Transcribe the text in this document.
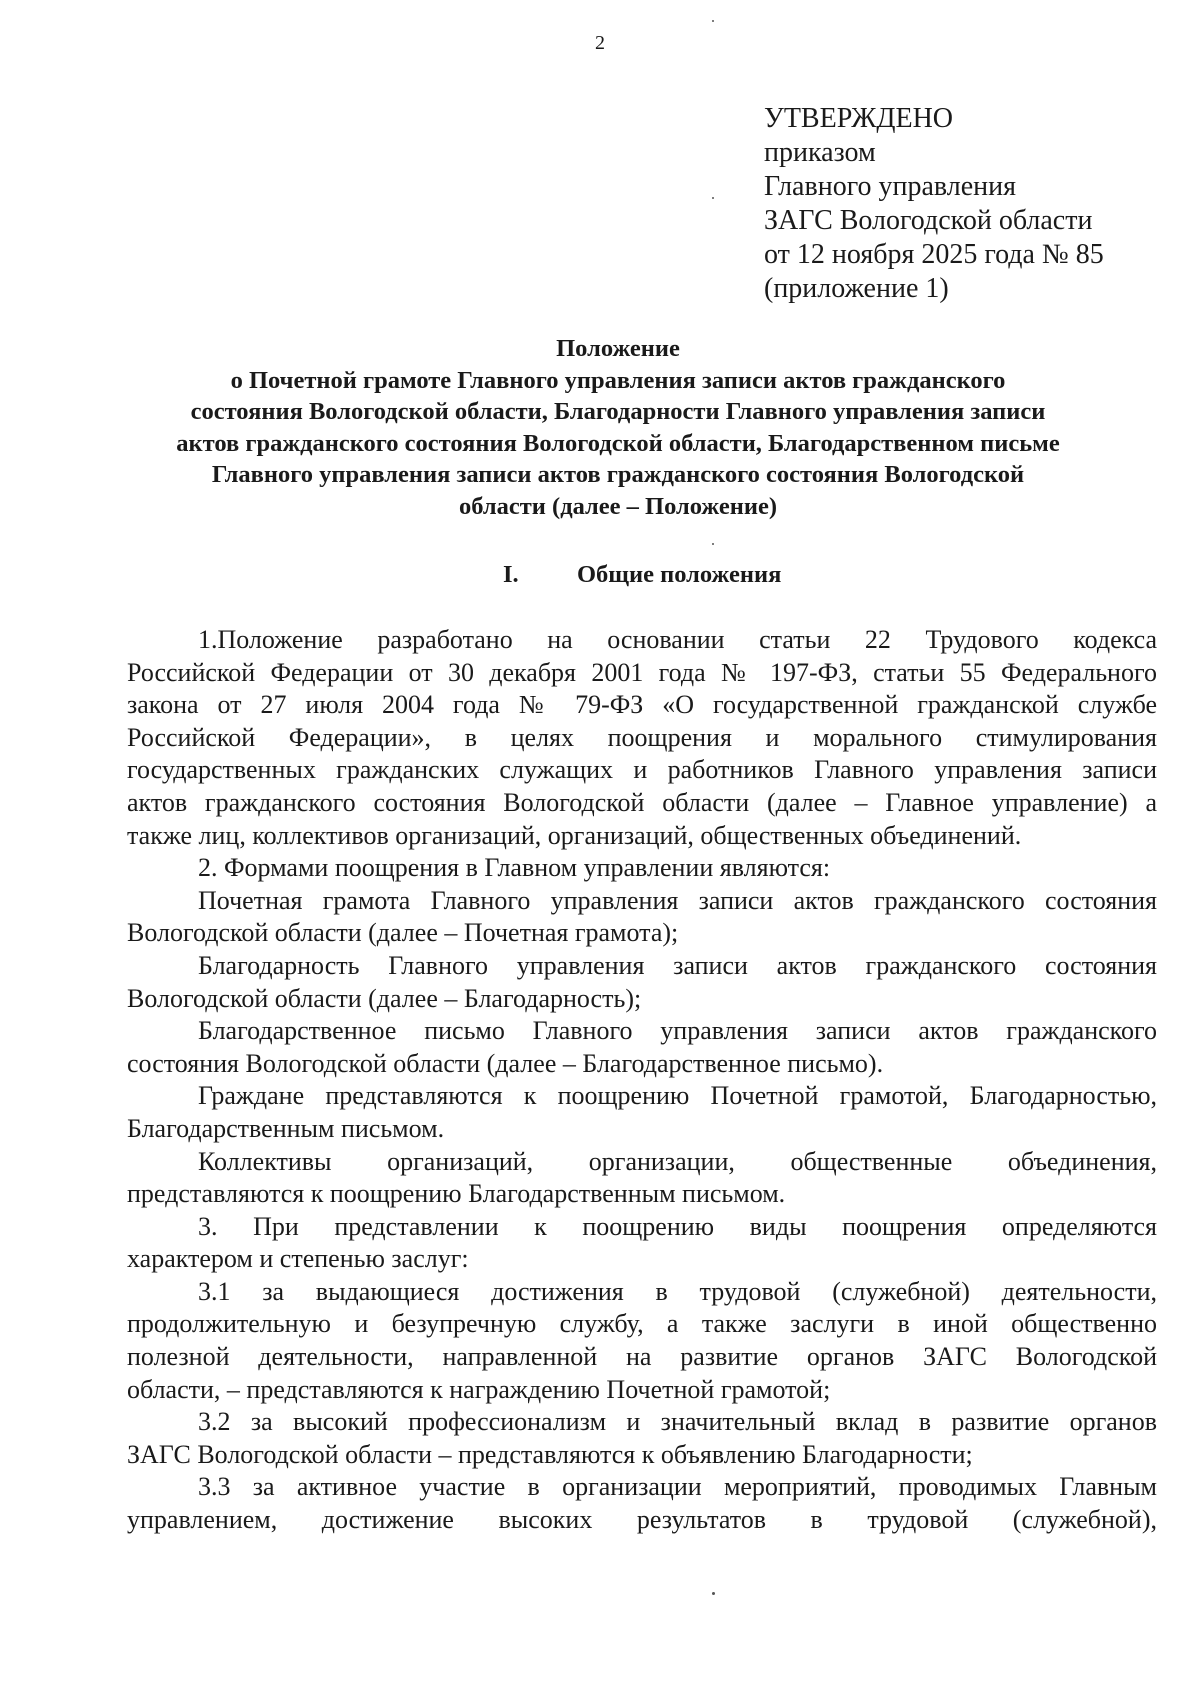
2
УТВЕРЖДЕНО
приказом
Главного управления
ЗАГС Вологодской области
от 12 ноября 2025 года № 85
(приложение 1)
Положение
о Почетной грамоте Главного управления записи актов гражданского
состояния Вологодской области, Благодарности Главного управления записи
актов гражданского состояния Вологодской области, Благодарственном письме
Главного управления записи актов гражданского состояния Вологодской
области (далее – Положение)
I. Общие положения
1.Положение разработано на основании статьи 22 Трудового кодекса
Российской Федерации от 30 декабря 2001 года № 197-ФЗ, статьи 55 Федерального
закона от 27 июля 2004 года № 79-ФЗ «О государственной гражданской службе
Российской Федерации», в целях поощрения и морального стимулирования
государственных гражданских служащих и работников Главного управления записи
актов гражданского состояния Вологодской области (далее – Главное управление) а
также лиц, коллективов организаций, организаций, общественных объединений.
2. Формами поощрения в Главном управлении являются:
Почетная грамота Главного управления записи актов гражданского состояния
Вологодской области (далее – Почетная грамота);
Благодарность Главного управления записи актов гражданского состояния
Вологодской области (далее – Благодарность);
Благодарственное письмо Главного управления записи актов гражданского
состояния Вологодской области (далее – Благодарственное письмо).
Граждане представляются к поощрению Почетной грамотой, Благодарностью,
Благодарственным письмом.
Коллективы организаций, организации, общественные объединения,
представляются к поощрению Благодарственным письмом.
3. При представлении к поощрению виды поощрения определяются
характером и степенью заслуг:
3.1 за выдающиеся достижения в трудовой (служебной) деятельности,
продолжительную и безупречную службу, а также заслуги в иной общественно
полезной деятельности, направленной на развитие органов ЗАГС Вологодской
области, – представляются к награждению Почетной грамотой;
3.2 за высокий профессионализм и значительный вклад в развитие органов
ЗАГС Вологодской области – представляются к объявлению Благодарности;
3.3 за активное участие в организации мероприятий, проводимых Главным
управлением, достижение высоких результатов в трудовой (служебной),
